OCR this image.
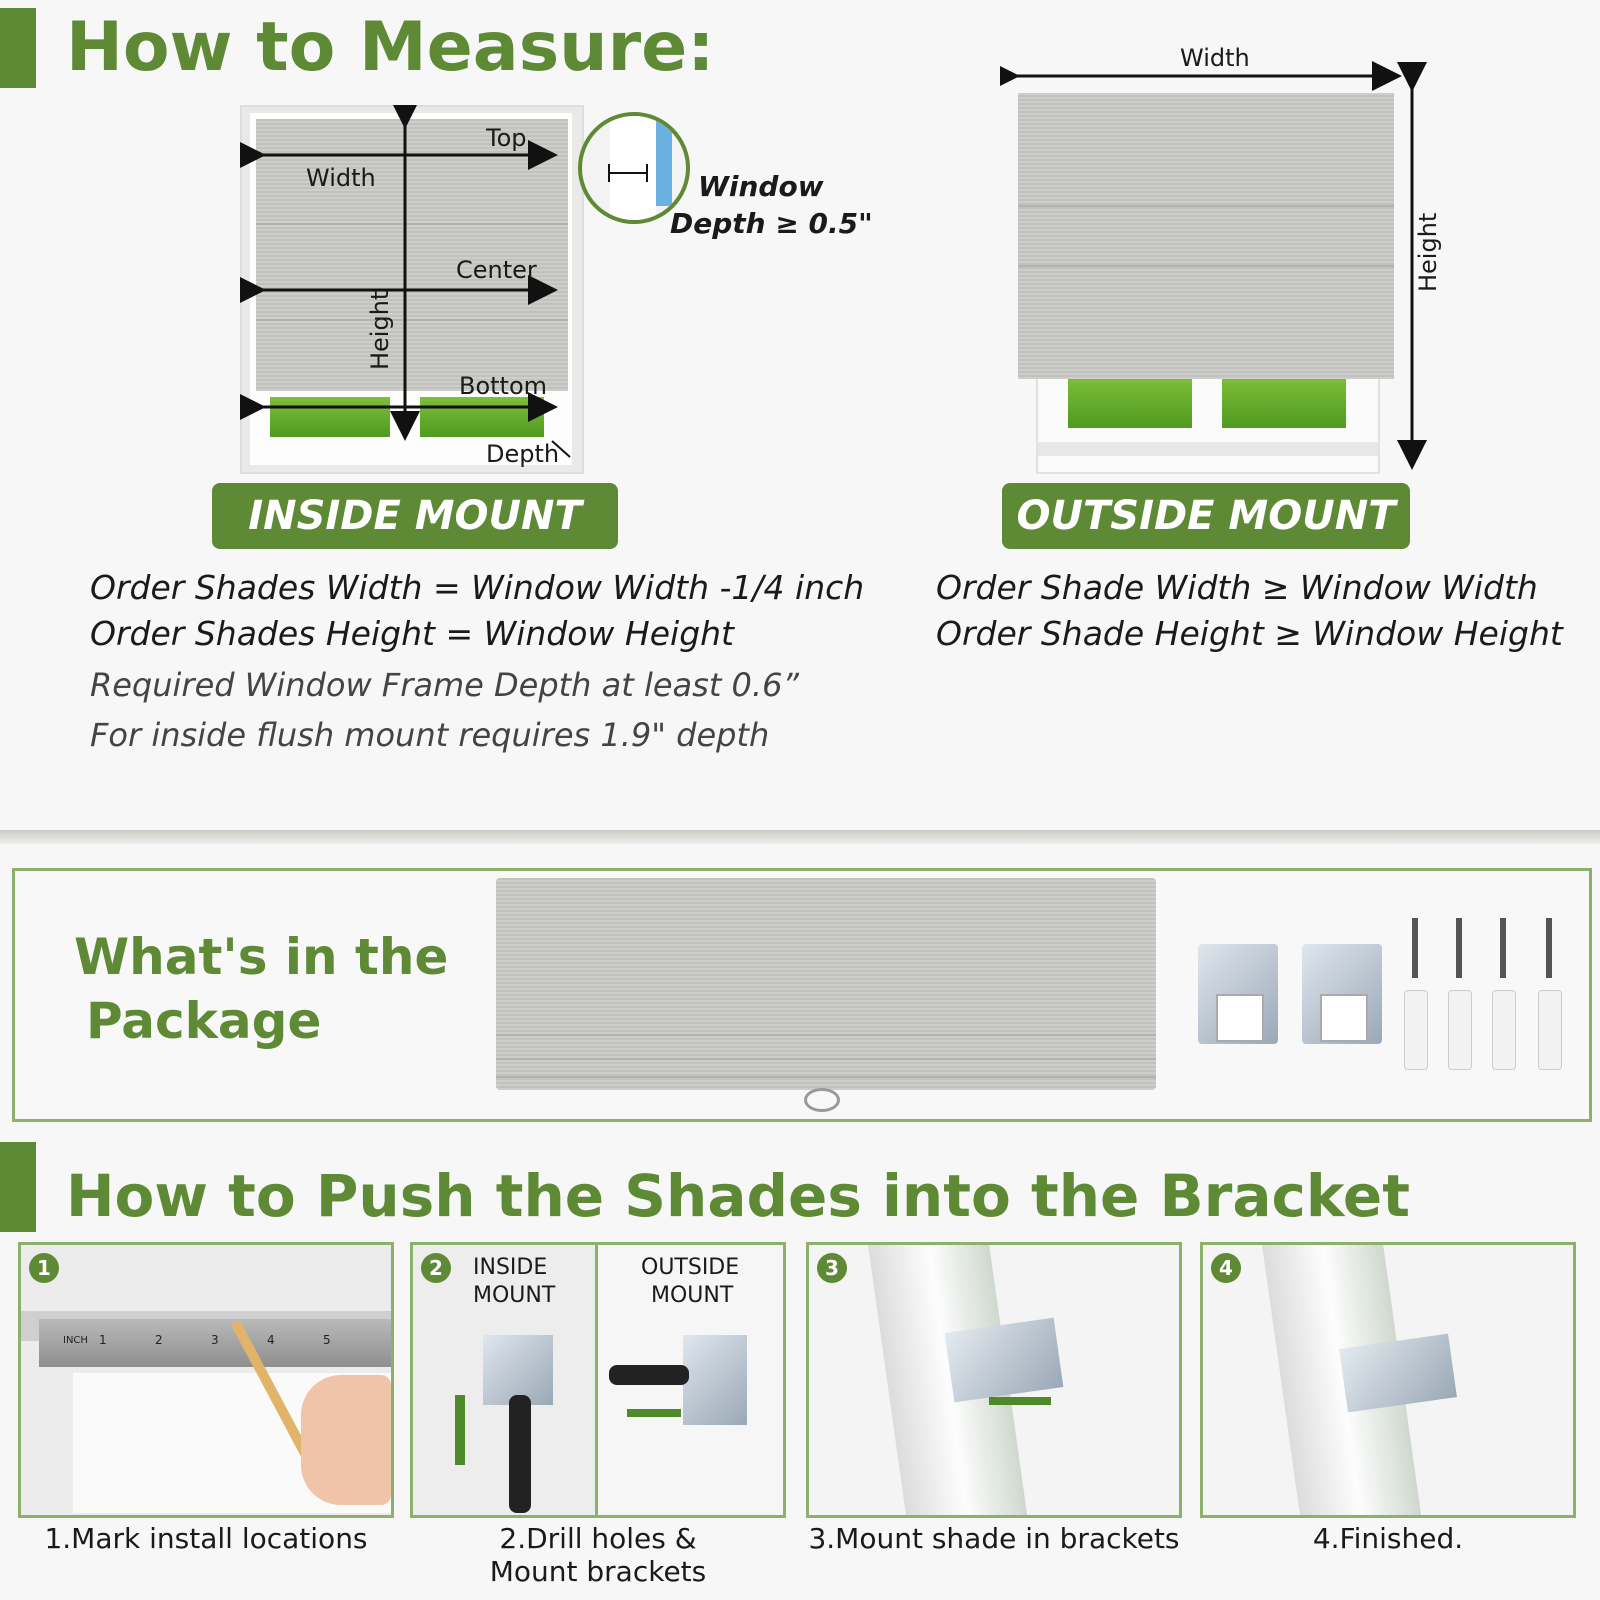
How to Measure:
Top
Width
Center
Height
Bottom
Depth
Window
Depth ≥ 0.5"
Width
Height
INSIDE MOUNT	OUTSIDE MOUNT
Order Shades Width = Window Width -1/4 inch
Order Shades Height = Window Height
Required Window Frame Depth at least 0.6”
For inside flush mount requires 1.9" depth
Order Shade Width ≥ Window Width
Order Shade Height ≥ Window Height
What's in the
Package
How to Push the Shades into the Bracket
INCH 1	2	3	4	5
1
1.Mark install locations
2	INSIDE
MOUNT
OUTSIDE
MOUNT
2.Drill holes &
Mount brackets
3
3.Mount shade in brackets
4
4.Finished.
